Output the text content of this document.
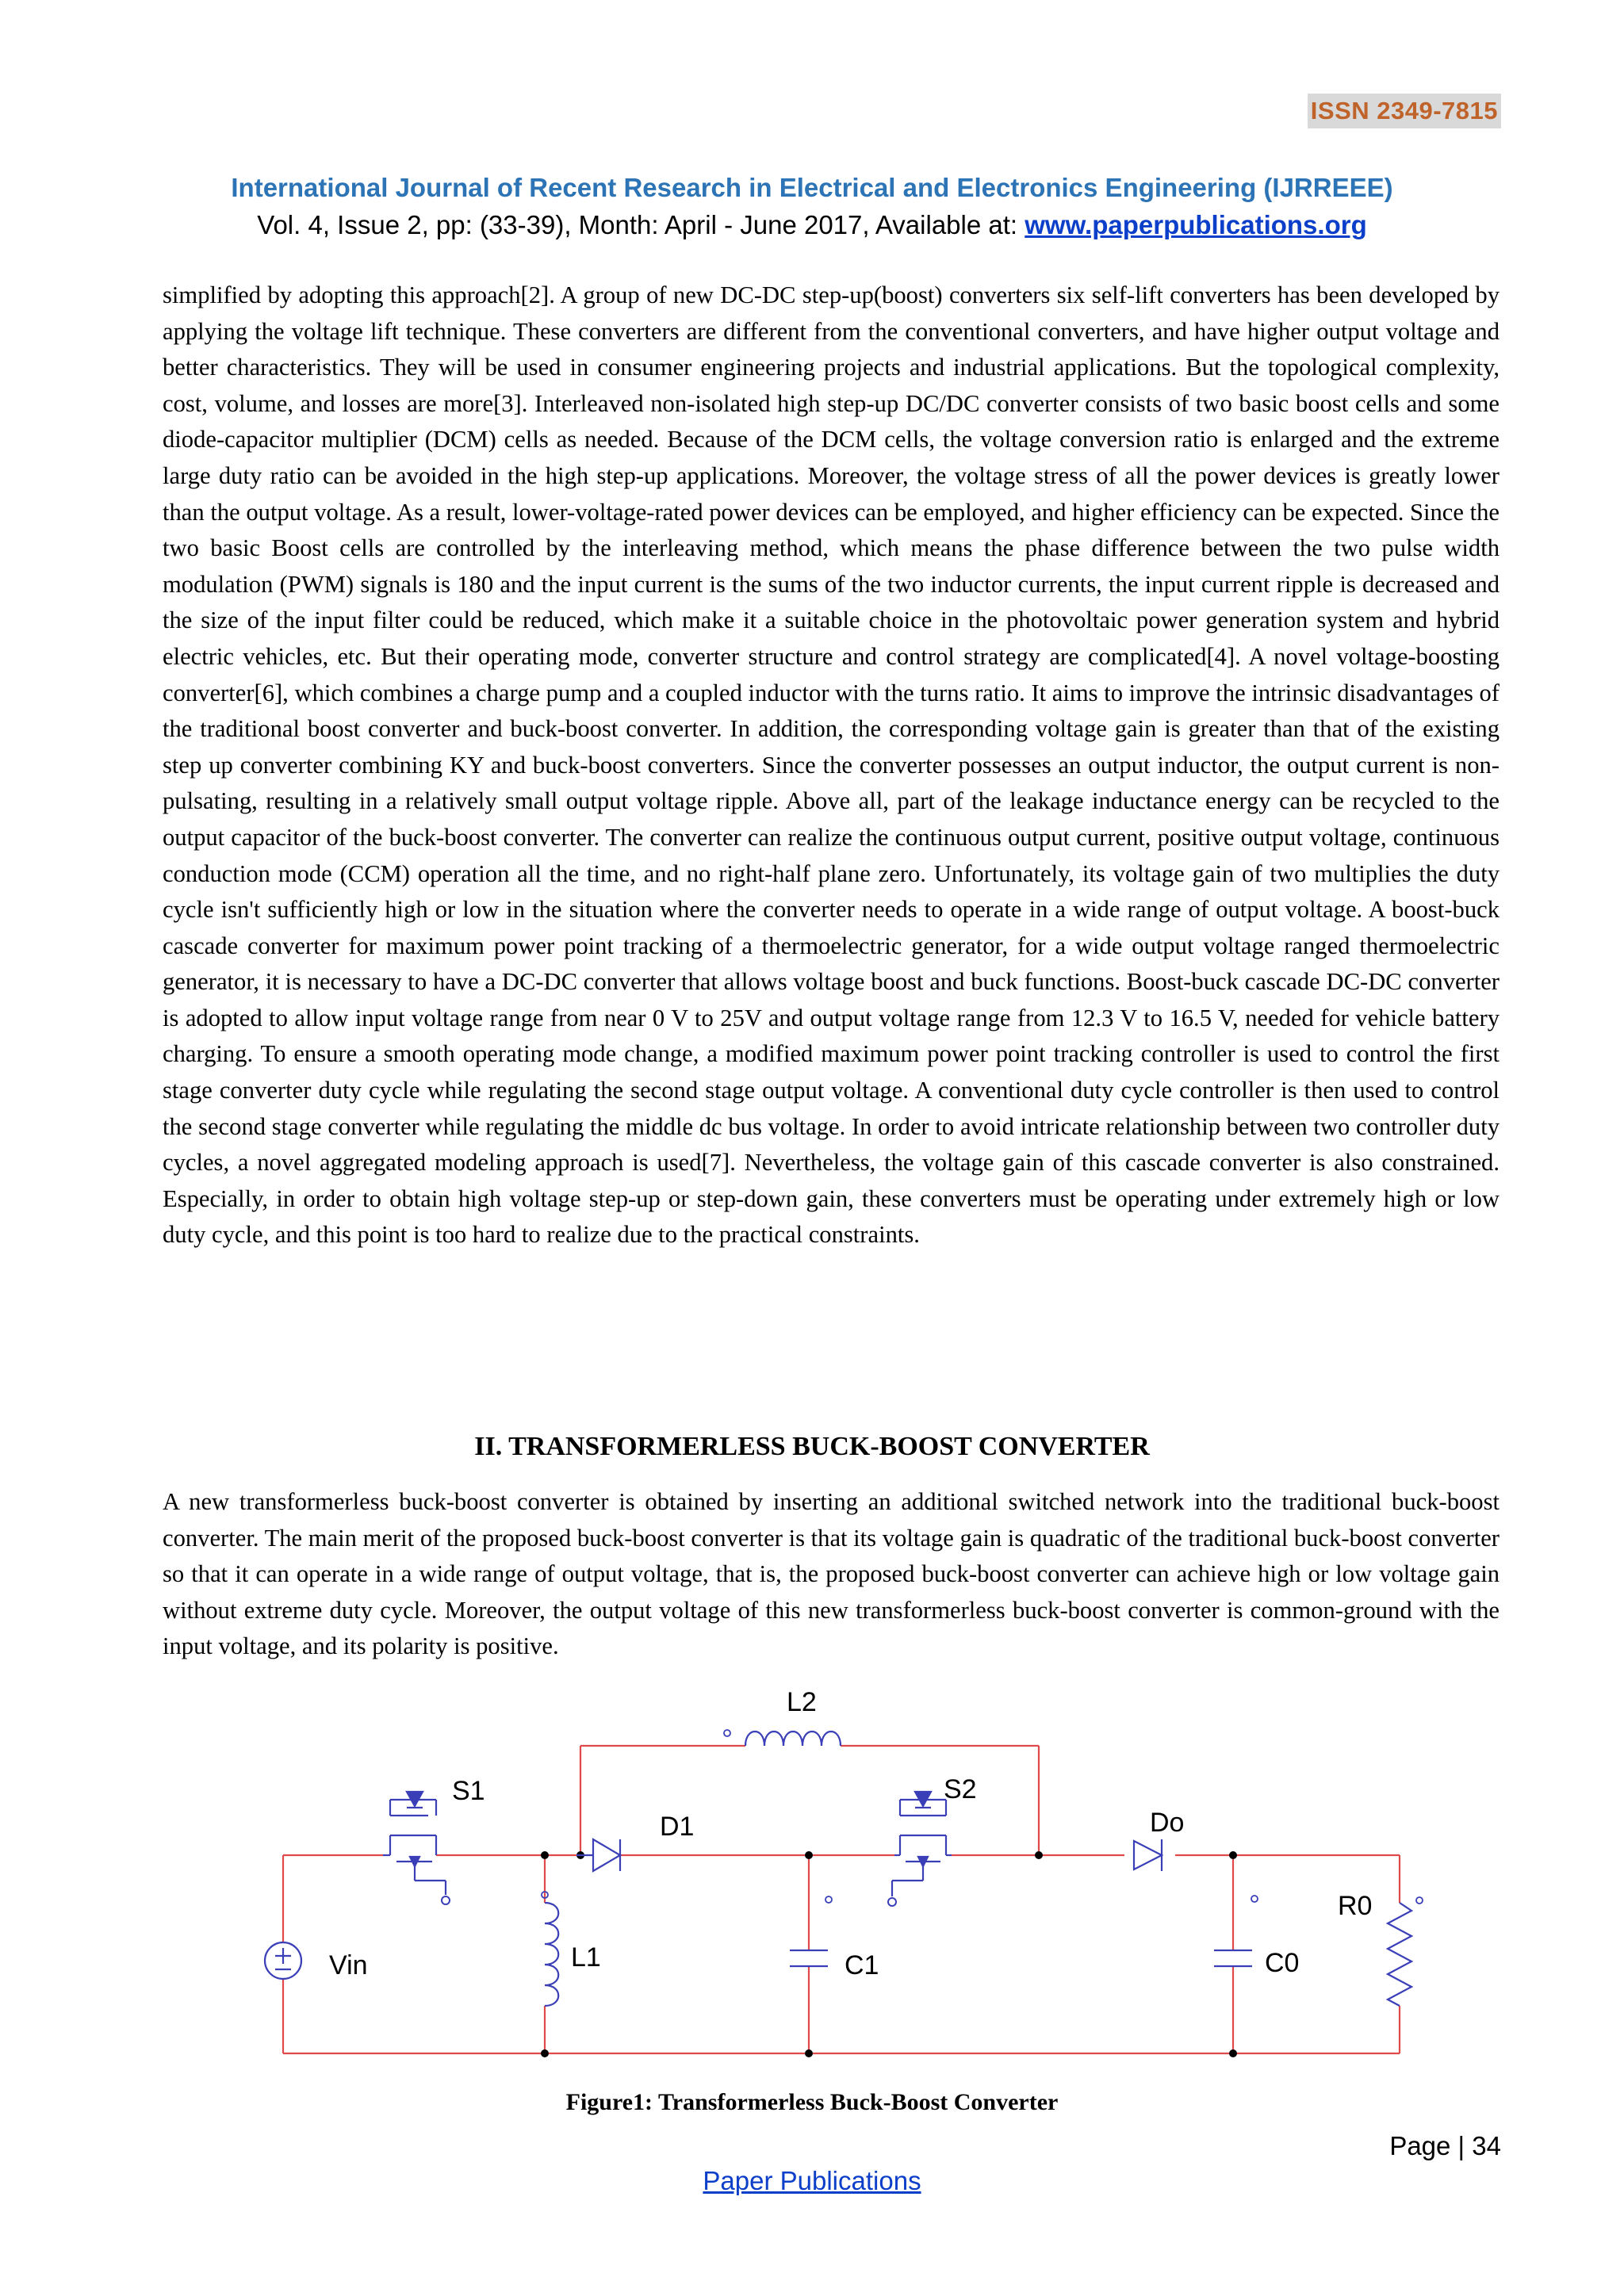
ISSN 2349-7815
International Journal of Recent Research in Electrical and Electronics Engineering (IJRREEE)
Vol. 4, Issue 2, pp: (33-39), Month: April - June 2017, Available at: www.paperpublications.org

simplified by adopting this approach[2]. A group of new DC-DC step-up(boost) converters six self-lift converters has been developed by applying the voltage lift technique. These converters are different from the conventional converters, and have higher output voltage and better characteristics. They will be used in consumer engineering projects and industrial applications. But the topological complexity, cost, volume, and losses are more[3]. Interleaved non-isolated high step-up DC/DC converter consists of two basic boost cells and some diode-capacitor multiplier (DCM) cells as needed. Because of the DCM cells, the voltage conversion ratio is enlarged and the extreme large duty ratio can be avoided in the high step-up applications. Moreover, the voltage stress of all the power devices is greatly lower than the output voltage. As a result, lower-voltage-rated power devices can be employed, and higher efficiency can be expected. Since the two basic Boost cells are controlled by the interleaving method, which means the phase difference between the two pulse width modulation (PWM) signals is 180 and the input current is the sums of the two inductor currents, the input current ripple is decreased and the size of the input filter could be reduced, which make it a suitable choice in the photovoltaic power generation system and hybrid electric vehicles, etc. But their operating mode, converter structure and control strategy are complicated[4]. A novel voltage-boosting converter[6], which combines a charge pump and a coupled inductor with the turns ratio. It aims to improve the intrinsic disadvantages of the traditional boost converter and buck-boost converter. In addition, the corresponding voltage gain is greater than that of the existing step up converter combining KY and buck-boost converters. Since the converter possesses an output inductor, the output current is non-pulsating, resulting in a relatively small output voltage ripple. Above all, part of the leakage inductance energy can be recycled to the output capacitor of the buck-boost converter. The converter can realize the continuous output current, positive output voltage, continuous conduction mode (CCM) operation all the time, and no right-half plane zero. Unfortunately, its voltage gain of two multiplies the duty cycle isn't sufficiently high or low in the situation where the converter needs to operate in a wide range of output voltage. A boost-buck cascade converter for maximum power point tracking of a thermoelectric generator, for a wide output voltage ranged thermoelectric generator, it is necessary to have a DC-DC converter that allows voltage boost and buck functions. Boost-buck cascade DC-DC converter is adopted to allow input voltage range from near 0 V to 25V and output voltage range from 12.3 V to 16.5 V, needed for vehicle battery charging. To ensure a smooth operating mode change, a modified maximum power point tracking controller is used to control the first stage converter duty cycle while regulating the second stage output voltage. A conventional duty cycle controller is then used to control the second stage converter while regulating the middle dc bus voltage. In order to avoid intricate relationship between two controller duty cycles, a novel aggregated modeling approach is used[7]. Nevertheless, the voltage gain of this cascade converter is also constrained. Especially, in order to obtain high voltage step-up or step-down gain, these converters must be operating under extremely high or low duty cycle, and this point is too hard to realize due to the practical constraints.

II. TRANSFORMERLESS BUCK-BOOST CONVERTER

A new transformerless buck-boost converter is obtained by inserting an additional switched network into the traditional buck-boost converter. The main merit of the proposed buck-boost converter is that its voltage gain is quadratic of the traditional buck-boost converter so that it can operate in a wide range of output voltage, that is, the proposed buck-boost converter can achieve high or low voltage gain without extreme duty cycle. Moreover, the output voltage of this new transformerless buck-boost converter is common-ground with the input voltage, and its polarity is positive.

Vin
S1
L1
L2
D1
C1
S2
Do
C0
R0
Figure1: Transformerless Buck-Boost Converter
Page | 34
Paper Publications
